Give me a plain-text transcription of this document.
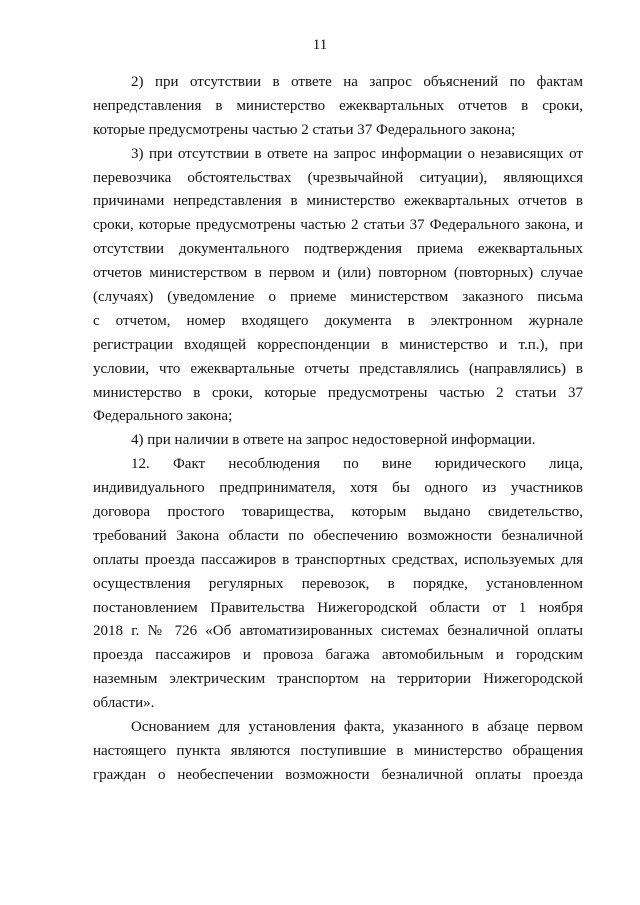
11
2) при отсутствии в ответе на запрос объяснений по фактам
непредставления в министерство ежеквартальных отчетов в сроки,
которые предусмотрены частью 2 статьи 37 Федерального закона;
3) при отсутствии в ответе на запрос информации о независящих от
перевозчика обстоятельствах (чрезвычайной ситуации), являющихся
причинами непредставления в министерство ежеквартальных отчетов в
сроки, которые предусмотрены частью 2 статьи 37 Федерального закона, и
отсутствии документального подтверждения приема ежеквартальных
отчетов министерством в первом и (или) повторном (повторных) случае
(случаях) (уведомление о приеме министерством заказного письма
с отчетом, номер входящего документа в электронном журнале
регистрации входящей корреспонденции в министерство и т.п.), при
условии, что ежеквартальные отчеты представлялись (направлялись) в
министерство в сроки, которые предусмотрены частью 2 статьи 37
Федерального закона;
4) при наличии в ответе на запрос недостоверной информации.
12. Факт несоблюдения по вине юридического лица,
индивидуального предпринимателя, хотя бы одного из участников
договора простого товарищества, которым выдано свидетельство,
требований Закона области по обеспечению возможности безналичной
оплаты проезда пассажиров в транспортных средствах, используемых для
осуществления регулярных перевозок, в порядке, установленном
постановлением Правительства Нижегородской области от 1 ноября
2018 г. № 726 «Об автоматизированных системах безналичной оплаты
проезда пассажиров и провоза багажа автомобильным и городским
наземным электрическим транспортом на территории Нижегородской
области».
Основанием для установления факта, указанного в абзаце первом
настоящего пункта являются поступившие в министерство обращения
граждан о необеспечении возможности безналичной оплаты проезда
